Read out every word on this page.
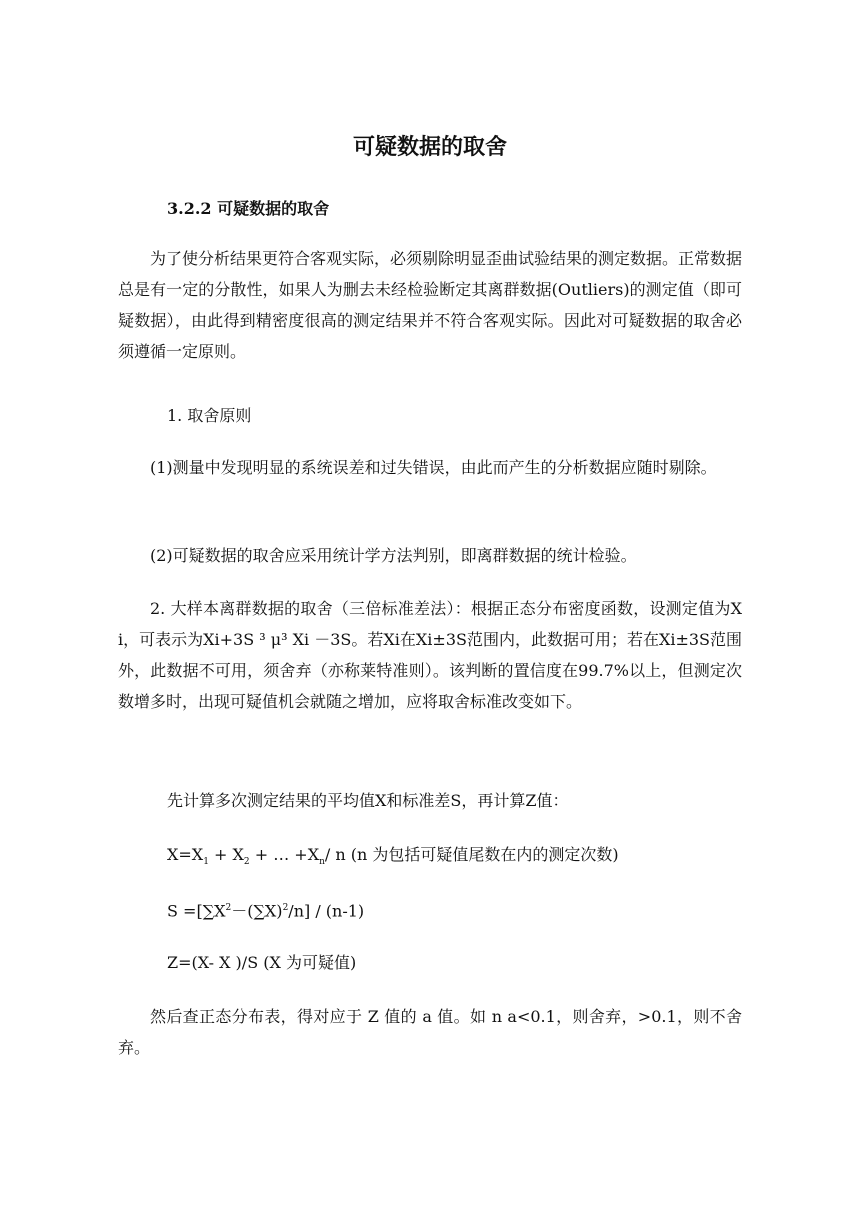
可疑数据的取舍

3.2.2 可疑数据的取舍

为了使分析结果更符合客观实际，必须剔除明显歪曲试验结果的测定数据。正常数据总是有一定的分散性，如果人为删去未经检验断定其离群数据(Outliers)的测定值（即可疑数据），由此得到精密度很高的测定结果并不符合客观实际。因此对可疑数据的取舍必须遵循一定原则。

1. 取舍原则

(1)测量中发现明显的系统误差和过失错误，由此而产生的分析数据应随时剔除。

(2)可疑数据的取舍应采用统计学方法判别，即离群数据的统计检验。

2. 大样本离群数据的取舍（三倍标准差法）：根据正态分布密度函数，设测定值为Xi，可表示为Xi+3S ³ μ³ Xi －3S。若Xi在Xi±3S范围内，此数据可用；若在Xi±3S范围外，此数据不可用，须舍弃（亦称莱特准则）。该判断的置信度在99.7%以上，但测定次数增多时，出现可疑值机会就随之增加，应将取舍标准改变如下。

先计算多次测定结果的平均值X和标准差S，再计算Z值：

$X=X_1 + X_2$ + … $+X_n/$ n (n 为包括可疑值尾数在内的测定次数)

$S =[\sum X^2-(\sum X)^2/n] / (n-1)$

Z=(X- X )/S (X 为可疑值)

然后查正态分布表，得对应于 Z 值的 a 值。如 n a<0.1，则舍弃，>0.1，则不舍弃。
